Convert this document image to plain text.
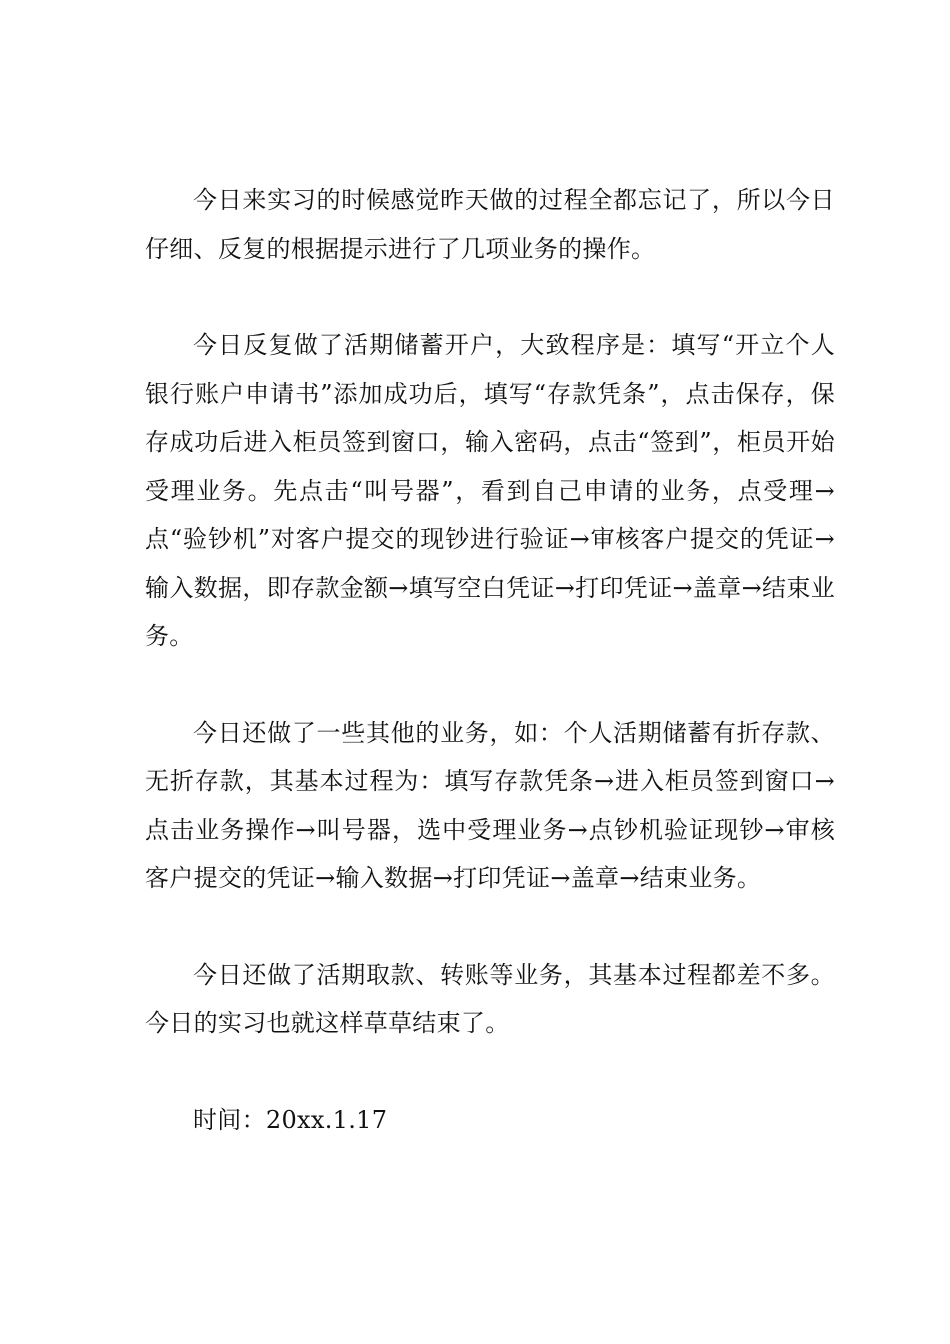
今日来实习的时候感觉昨天做的过程全都忘记了，所以今日仔细、反复的根据提示进行了几项业务的操作。

今日反复做了活期储蓄开户，大致程序是：填写“开立个人银行账户申请书”添加成功后，填写“存款凭条”，点击保存，保存成功后进入柜员签到窗口，输入密码，点击“签到”，柜员开始受理业务。先点击“叫号器”，看到自己申请的业务，点受理→点“验钞机”对客户提交的现钞进行验证→审核客户提交的凭证→输入数据，即存款金额→填写空白凭证→打印凭证→盖章→结束业务。

今日还做了一些其他的业务，如：个人活期储蓄有折存款、无折存款，其基本过程为：填写存款凭条→进入柜员签到窗口→点击业务操作→叫号器，选中受理业务→点钞机验证现钞→审核客户提交的凭证→输入数据→打印凭证→盖章→结束业务。

今日还做了活期取款、转账等业务，其基本过程都差不多。今日的实习也就这样草草结束了。

时间：20xx.1.17
